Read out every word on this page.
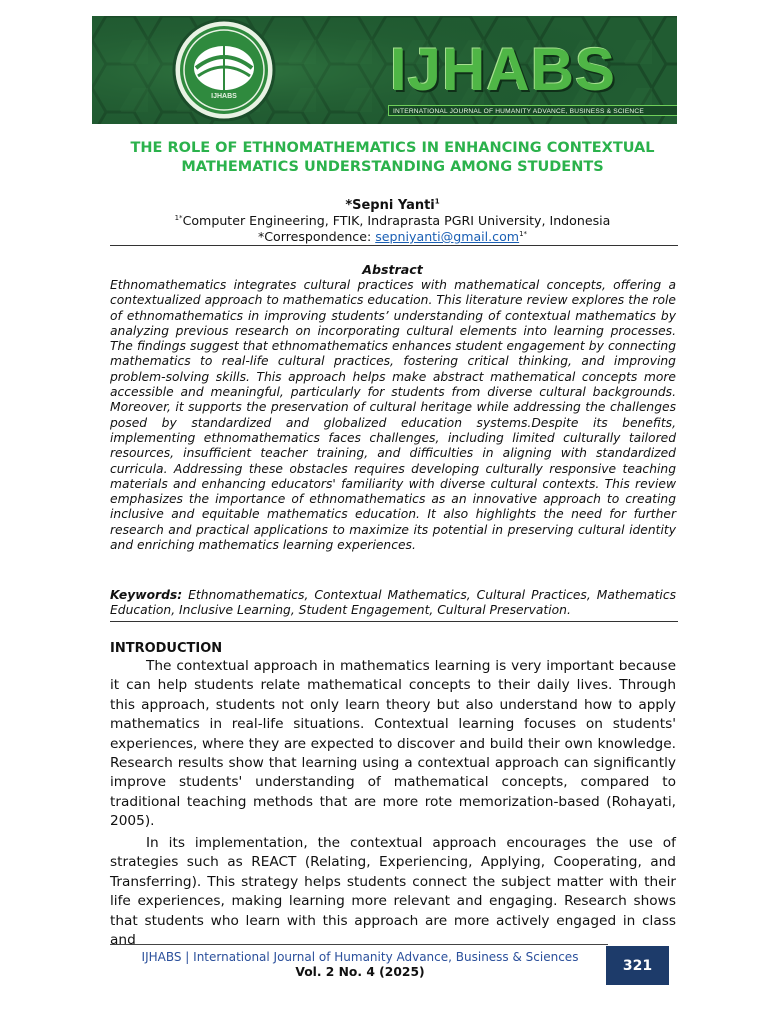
IJHABS	IJHABS
INTERNATIONAL JOURNAL OF HUMANITY ADVANCE, BUSINESS & SCIENCE
THE ROLE OF ETHNOMATHEMATICS IN ENHANCING CONTEXTUAL MATHEMATICS UNDERSTANDING AMONG STUDENTS
*Sepni Yanti$^1$
$^{1*}$Computer Engineering, FTIK, Indraprasta PGRI University, Indonesia
*Correspondence: sepniyanti@gmail.com$^{1*}$
Abstract
Ethnomathematics integrates cultural practices with mathematical concepts, offering a contextualized approach to mathematics education. This literature review explores the role of ethnomathematics in improving students’ understanding of contextual mathematics by analyzing previous research on incorporating cultural elements into learning processes. The findings suggest that ethnomathematics enhances student engagement by connecting mathematics to real-life cultural practices, fostering critical thinking, and improving problem-solving skills. This approach helps make abstract mathematical concepts more accessible and meaningful, particularly for students from diverse cultural backgrounds. Moreover, it supports the preservation of cultural heritage while addressing the challenges posed by standardized and globalized education systems.Despite its benefits, implementing ethnomathematics faces challenges, including limited culturally tailored resources, insufficient teacher training, and difficulties in aligning with standardized curricula. Addressing these obstacles requires developing culturally responsive teaching materials and enhancing educators' familiarity with diverse cultural contexts. This review emphasizes the importance of ethnomathematics as an innovative approach to creating inclusive and equitable mathematics education. It also highlights the need for further research and practical applications to maximize its potential in preserving cultural identity and enriching mathematics learning experiences.
Keywords: Ethnomathematics, Contextual Mathematics, Cultural Practices, Mathematics Education, Inclusive Learning, Student Engagement, Cultural Preservation.
INTRODUCTION

The contextual approach in mathematics learning is very important because it can help students relate mathematical concepts to their daily lives. Through this approach, students not only learn theory but also understand how to apply mathematics in real-life situations. Contextual learning focuses on students' experiences, where they are expected to discover and build their own knowledge. Research results show that learning using a contextual approach can significantly improve students' understanding of mathematical concepts, compared to traditional teaching methods that are more rote memorization-based (Rohayati, 2005).

In its implementation, the contextual approach encourages the use of strategies such as REACT (Relating, Experiencing, Applying, Cooperating, and Transferring). This strategy helps students connect the subject matter with their life experiences, making learning more relevant and engaging. Research shows that students who learn with this approach are more actively engaged in class and

IJHABS | International Journal of Humanity Advance, Business & Sciences
Vol. 2 No. 4 (2025)	321
